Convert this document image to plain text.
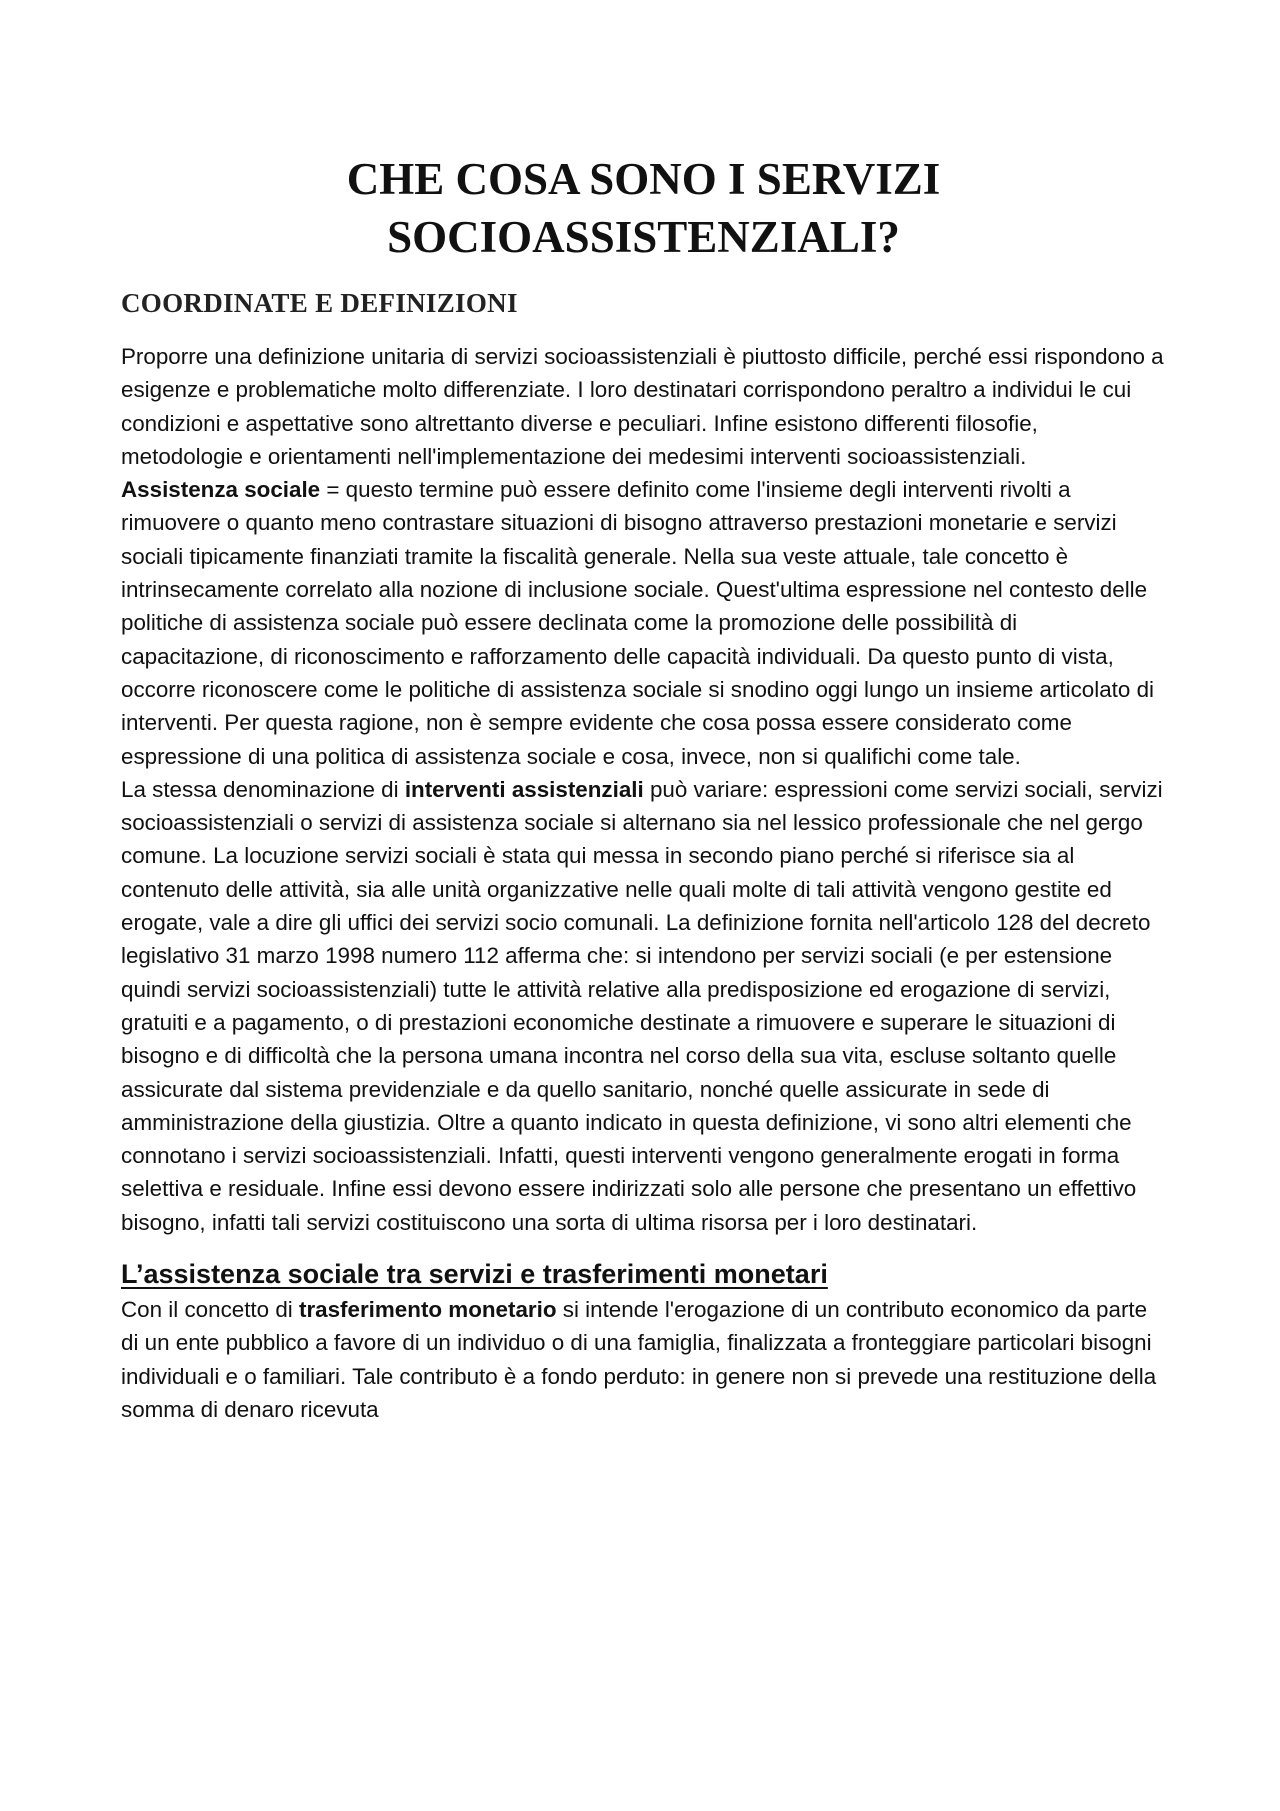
CHE COSA SONO I SERVIZI
SOCIOASSISTENZIALI?
COORDINATE E DEFINIZIONI

Proporre una definizione unitaria di servizi socioassistenziali è piuttosto difficile, perché essi rispondono a esigenze e problematiche molto differenziate. I loro destinatari corrispondono peraltro a individui le cui condizioni e aspettative sono altrettanto diverse e peculiari. Infine esistono differenti filosofie, metodologie e orientamenti nell'implementazione dei medesimi interventi socioassistenziali.

Assistenza sociale = questo termine può essere definito come l'insieme degli interventi rivolti a rimuovere o quanto meno contrastare situazioni di bisogno attraverso prestazioni monetarie e servizi sociali tipicamente finanziati tramite la fiscalità generale. Nella sua veste attuale, tale concetto è intrinsecamente correlato alla nozione di inclusione sociale. Quest'ultima espressione nel contesto delle politiche di assistenza sociale può essere declinata come la promozione delle possibilità di capacitazione, di riconoscimento e rafforzamento delle capacità individuali. Da questo punto di vista, occorre riconoscere come le politiche di assistenza sociale si snodino oggi lungo un insieme articolato di interventi. Per questa ragione, non è sempre evidente che cosa possa essere considerato come espressione di una politica di assistenza sociale e cosa, invece, non si qualifichi come tale.

La stessa denominazione di interventi assistenziali può variare: espressioni come servizi sociali, servizi socioassistenziali o servizi di assistenza sociale si alternano sia nel lessico professionale che nel gergo comune. La locuzione servizi sociali è stata qui messa in secondo piano perché si riferisce sia al contenuto delle attività, sia alle unità organizzative nelle quali molte di tali attività vengono gestite ed erogate, vale a dire gli uffici dei servizi socio comunali. La definizione fornita nell'articolo 128 del decreto legislativo 31 marzo 1998 numero 112 afferma che: si intendono per servizi sociali (e per estensione quindi servizi socioassistenziali) tutte le attività relative alla predisposizione ed erogazione di servizi, gratuiti e a pagamento, o di prestazioni economiche destinate a rimuovere e superare le situazioni di bisogno e di difficoltà che la persona umana incontra nel corso della sua vita, escluse soltanto quelle assicurate dal sistema previdenziale e da quello sanitario, nonché quelle assicurate in sede di amministrazione della giustizia. Oltre a quanto indicato in questa definizione, vi sono altri elementi che connotano i servizi socioassistenziali. Infatti, questi interventi vengono generalmente erogati in forma selettiva e residuale. Infine essi devono essere indirizzati solo alle persone che presentano un effettivo bisogno, infatti tali servizi costituiscono una sorta di ultima risorsa per i loro destinatari.

L’assistenza sociale tra servizi e trasferimenti monetari

Con il concetto di trasferimento monetario si intende l'erogazione di un contributo economico da parte di un ente pubblico a favore di un individuo o di una famiglia, finalizzata a fronteggiare particolari bisogni individuali e o familiari. Tale contributo è a fondo perduto: in genere non si prevede una restituzione della somma di denaro ricevuta
